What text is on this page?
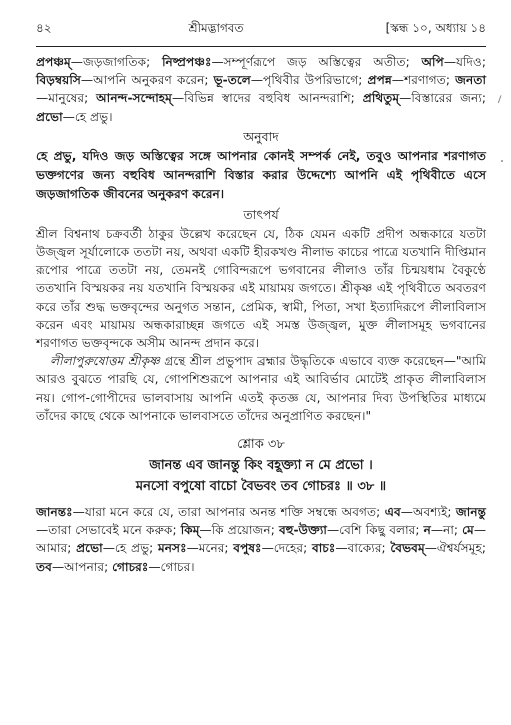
৪২	শ্রীমদ্ভাগবত	[স্কন্ধ ১০, অধ্যায় ১৪

প্রপঞ্চম্—জড়জাগতিক; নিষ্প্রপঞ্চঃ—সম্পূর্ণরূপে জড় অস্তিত্বের অতীত; অপি—যদিও; বিড়ম্বয়সি—আপনি অনুকরণ করেন; ভূ-তলে—পৃথিবীর উপরিভাগে; প্রপন্ন—শরণাগত; জনতা—মানুষের; আনন্দ-সন্দোহম্—বিভিন্ন স্বাদের বহুবিধ আনন্দরাশি; প্রথিতুম্—বিস্তারের জন্য; প্রভো—হে প্রভু।

অনুবাদ

হে প্রভু, যদিও জড় অস্তিত্বের সঙ্গে আপনার কোনই সম্পর্ক নেই, তবুও আপনার শরণাগত ভক্তগণের জন্য বহুবিধ আনন্দরাশি বিস্তার করার উদ্দেশ্যে আপনি এই পৃথিবীতে এসে জড়জাগতিক জীবনের অনুকরণ করেন।

তাৎপর্য

শ্রীল বিশ্বনাথ চক্রবর্তী ঠাকুর উল্লেখ করেছেন যে, ঠিক যেমন একটি প্রদীপ অন্ধকারে যতটা উজ্জ্বল সূর্যালোকে ততটা নয়, অথবা একটি হীরকখণ্ড নীলাভ কাচের পাত্রে যতখানি দীপ্তিমান রূপোর পাত্রে ততটা নয়, তেমনই গোবিন্দরূপে ভগবানের লীলাও তাঁর চিন্ময়ধাম বৈকুণ্ঠে ততখানি বিস্ময়কর নয় যতখানি বিস্ময়কর এই মায়াময় জগতে। শ্রীকৃষ্ণ এই পৃথিবীতে অবতরণ করে তাঁর শুদ্ধ ভক্তবৃন্দের অনুগত সন্তান, প্রেমিক, স্বামী, পিতা, সখা ইত্যাদিরূপে লীলাবিলাস করেন এবং মায়াময় অন্ধকারাচ্ছন্ন জগতে এই সমস্ত উজ্জ্বল, মুক্ত লীলাসমূহ ভগবানের শরণাগত ভক্তবৃন্দকে অসীম আনন্দ প্রদান করে।

লীলাপুরুষোত্তম শ্রীকৃষ্ণ গ্রন্থে শ্রীল প্রভুপাদ ব্রহ্মার উদ্ধৃতিকে এভাবে ব্যক্ত করেছেন—"আমি আরও বুঝতে পারছি যে, গোপশিশুরূপে আপনার এই আবির্ভাব মোটেই প্রাকৃত লীলাবিলাস নয়। গোপ-গোপীদের ভালবাসায় আপনি এতই কৃতজ্ঞ যে, আপনার দিব্য উপস্থিতির মাধ্যমে তাঁদের কাছে থেকে আপনাকে ভালবাসতে তাঁদের অনুপ্রাণিত করছেন।"

শ্লোক ৩৮
জানন্ত এব জানন্তু কিং বহূক্ত্যা ন মে প্রভো ।
মনসো বপুষো বাচো বৈভবং তব গোচরঃ ॥ ৩৮ ॥

জানন্তঃ—যারা মনে করে যে, তারা আপনার অনন্ত শক্তি সম্বন্ধে অবগত; এব—অবশ্যই; জানন্তু—তারা সেভাবেই মনে করুক; কিম্—কি প্রয়োজন; বহু-উক্ত্যা—বেশি কিছু বলার; ন—না; মে—আমার; প্রভো—হে প্রভু; মনসঃ—মনের; বপুষঃ—দেহের; বাচঃ—বাক্যের; বৈভবম্—ঐশ্বর্যসমূহ; তব—আপনার; গোচরঃ—গোচর।
